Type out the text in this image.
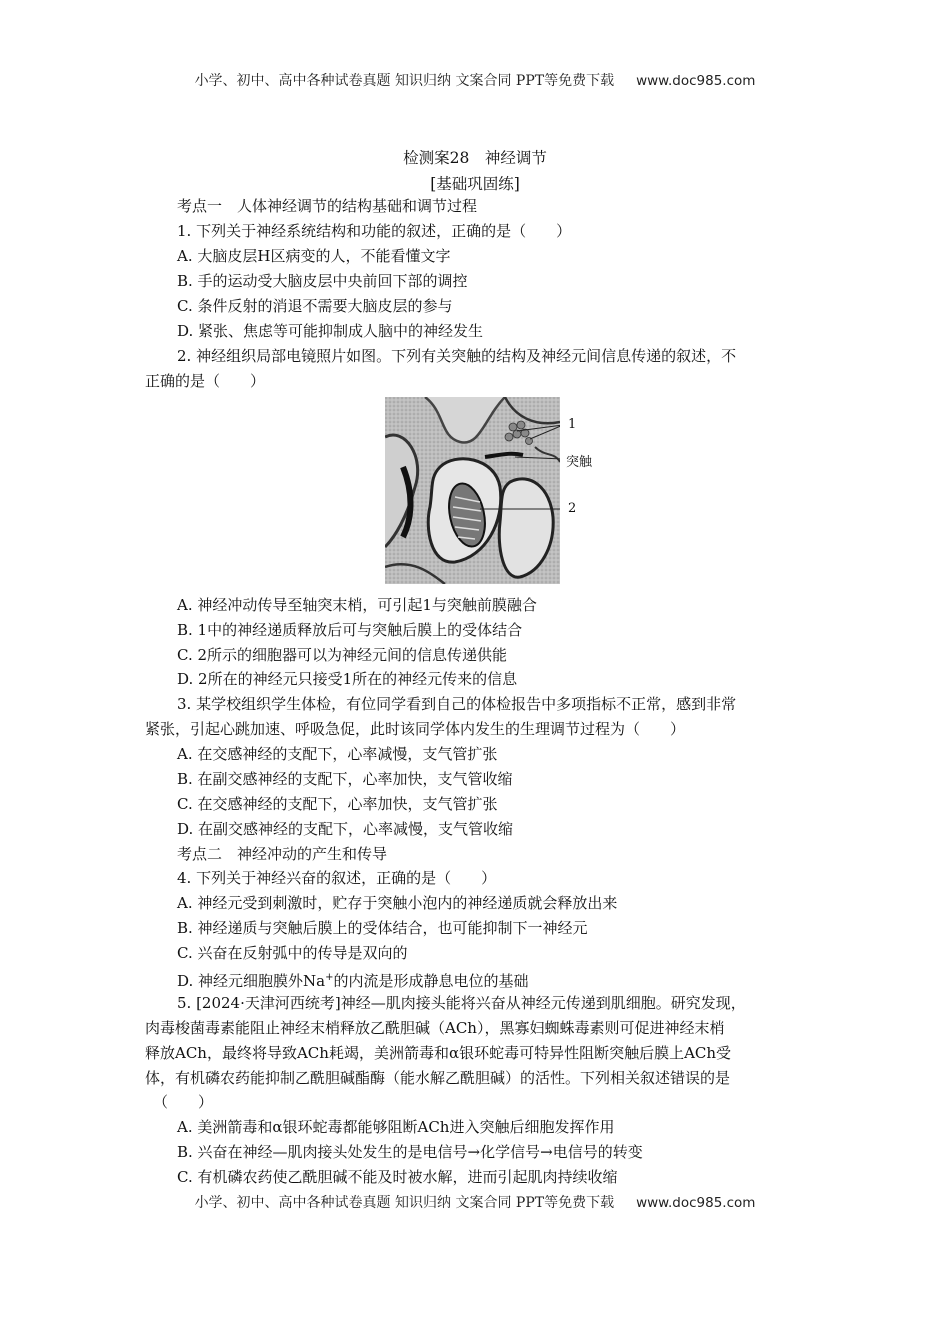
小学、初中、高中各种试卷真题 知识归纳 文案合同 PPT等免费下载 www.doc985.com
检测案28　神经调节
[基础巩固练]
考点一　人体神经调节的结构基础和调节过程
1. 下列关于神经系统结构和功能的叙述，正确的是（　　）
A. 大脑皮层H区病变的人，不能看懂文字
B. 手的运动受大脑皮层中央前回下部的调控
C. 条件反射的消退不需要大脑皮层的参与
D. 紧张、焦虑等可能抑制成人脑中的神经发生
2. 神经组织局部电镜照片如图。下列有关突触的结构及神经元间信息传递的叙述，不
正确的是（　　）
1
突触
2
A. 神经冲动传导至轴突末梢，可引起1与突触前膜融合
B. 1中的神经递质释放后可与突触后膜上的受体结合
C. 2所示的细胞器可以为神经元间的信息传递供能
D. 2所在的神经元只接受1所在的神经元传来的信息
3. 某学校组织学生体检，有位同学看到自己的体检报告中多项指标不正常，感到非常
紧张，引起心跳加速、呼吸急促，此时该同学体内发生的生理调节过程为（　　）
A. 在交感神经的支配下，心率减慢，支气管扩张
B. 在副交感神经的支配下，心率加快，支气管收缩
C. 在交感神经的支配下，心率加快，支气管扩张
D. 在副交感神经的支配下，心率减慢，支气管收缩
考点二　神经冲动的产生和传导
4. 下列关于神经兴奋的叙述，正确的是（　　）
A. 神经元受到刺激时，贮存于突触小泡内的神经递质就会释放出来
B. 神经递质与突触后膜上的受体结合，也可能抑制下一神经元
C. 兴奋在反射弧中的传导是双向的
D. 神经元细胞膜外Na+的内流是形成静息电位的基础
5. [2024·天津河西统考]神经—肌肉接头能将兴奋从神经元传递到肌细胞。研究发现，
肉毒梭菌毒素能阻止神经末梢释放乙酰胆碱（ACh），黑寡妇蜘蛛毒素则可促进神经末梢
释放ACh，最终将导致ACh耗竭，美洲箭毒和α银环蛇毒可特异性阻断突触后膜上ACh受
体，有机磷农药能抑制乙酰胆碱酯酶（能水解乙酰胆碱）的活性。下列相关叙述错误的是
（　　）
A. 美洲箭毒和α银环蛇毒都能够阻断ACh进入突触后细胞发挥作用
B. 兴奋在神经—肌肉接头处发生的是电信号→化学信号→电信号的转变
C. 有机磷农药使乙酰胆碱不能及时被水解，进而引起肌肉持续收缩
小学、初中、高中各种试卷真题 知识归纳 文案合同 PPT等免费下载 www.doc985.com
